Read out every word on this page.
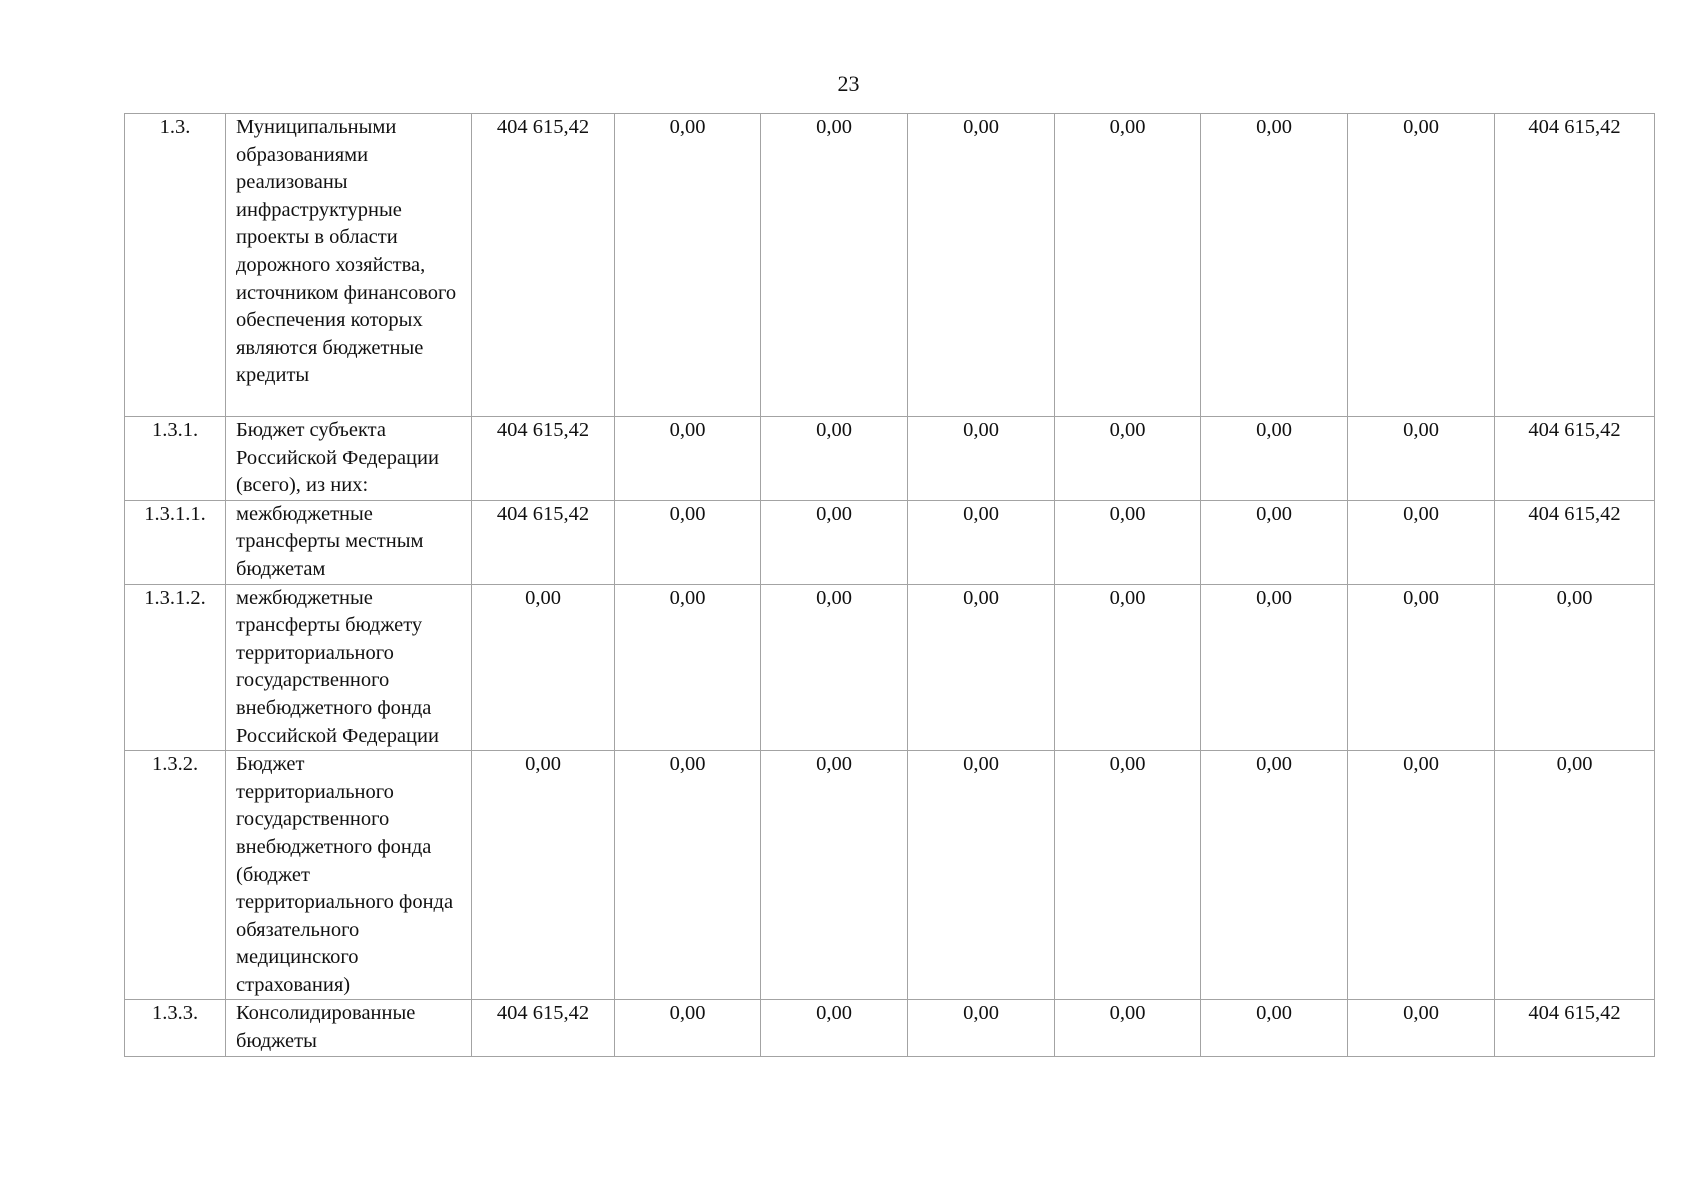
23
1.3.	Муниципальными образованиями реализованы инфраструктурные проекты в области дорожного хозяйства, источником финансового обеспечения которых являются бюджетные кредиты	404 615,42	0,00	0,00	0,00	0,00	0,00	0,00	404 615,42
1.3.1.	Бюджет субъекта Российской Федерации (всего), из них:	404 615,42	0,00	0,00	0,00	0,00	0,00	0,00	404 615,42
1.3.1.1.	межбюджетные трансферты местным бюджетам	404 615,42	0,00	0,00	0,00	0,00	0,00	0,00	404 615,42
1.3.1.2.	межбюджетные трансферты бюджету территориального государственного внебюджетного фонда Российской Федерации	0,00	0,00	0,00	0,00	0,00	0,00	0,00	0,00
1.3.2.	Бюджет территориального государственного внебюджетного фонда (бюджет территориального фонда обязательного медицинского страхования)	0,00	0,00	0,00	0,00	0,00	0,00	0,00	0,00
1.3.3.	Консолидированные бюджеты	404 615,42	0,00	0,00	0,00	0,00	0,00	0,00	404 615,42
